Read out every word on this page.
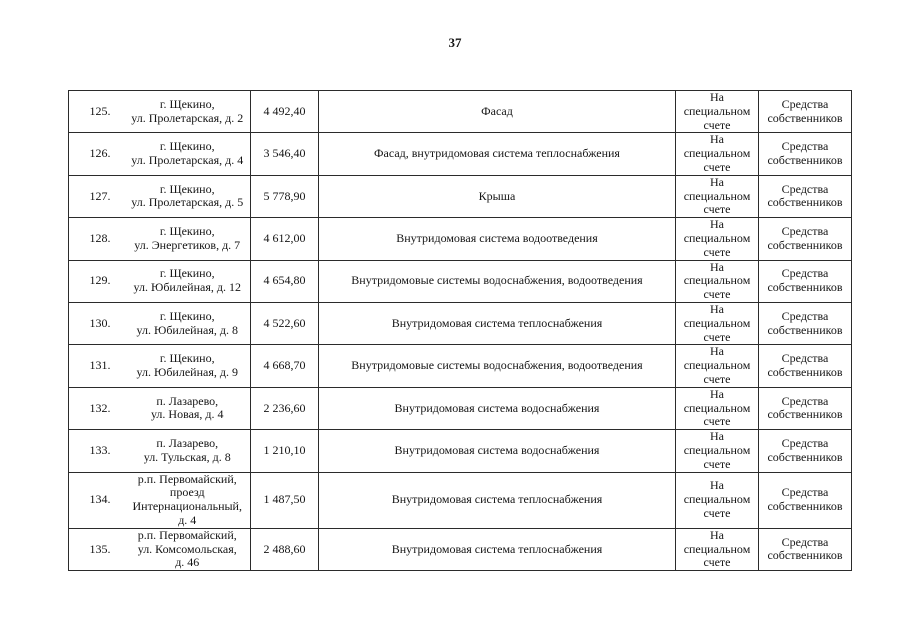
37
125.	г. Щекино,
ул. Пролетарская, д. 2	4 492,40	Фасад	На
специальном
счете	Средства
собственников

126.	г. Щекино,
ул. Пролетарская, д. 4	3 546,40	Фасад, внутридомовая система теплоснабжения	На
специальном
счете	Средства
собственников

127.	г. Щекино,
ул. Пролетарская, д. 5	5 778,90	Крыша	На
специальном
счете	Средства
собственников

128.	г. Щекино,
ул. Энергетиков, д. 7	4 612,00	Внутридомовая система водоотведения	На
специальном
счете	Средства
собственников

129.	г. Щекино,
ул. Юбилейная, д. 12	4 654,80	Внутридомовые системы водоснабжения, водоотведения	На
специальном
счете	Средства
собственников

130.	г. Щекино,
ул. Юбилейная, д. 8	4 522,60	Внутридомовая система теплоснабжения	На
специальном
счете	Средства
собственников

131.	г. Щекино,
ул. Юбилейная, д. 9	4 668,70	Внутридомовые системы водоснабжения, водоотведения	На
специальном
счете	Средства
собственников

132.	п. Лазарево,
ул. Новая, д. 4	2 236,60	Внутридомовая система водоснабжения	На
специальном
счете	Средства
собственников

133.	п. Лазарево,
ул. Тульская, д. 8	1 210,10	Внутридомовая система водоснабжения	На
специальном
счете	Средства
собственников

134.	р.п. Первомайский,
проезд
Интернациональный,
д. 4	1 487,50	Внутридомовая система теплоснабжения	На
специальном
счете	Средства
собственников

135.	р.п. Первомайский,
ул. Комсомольская,
д. 46	2 488,60	Внутридомовая система теплоснабжения	На
специальном
счете	Средства
собственников
